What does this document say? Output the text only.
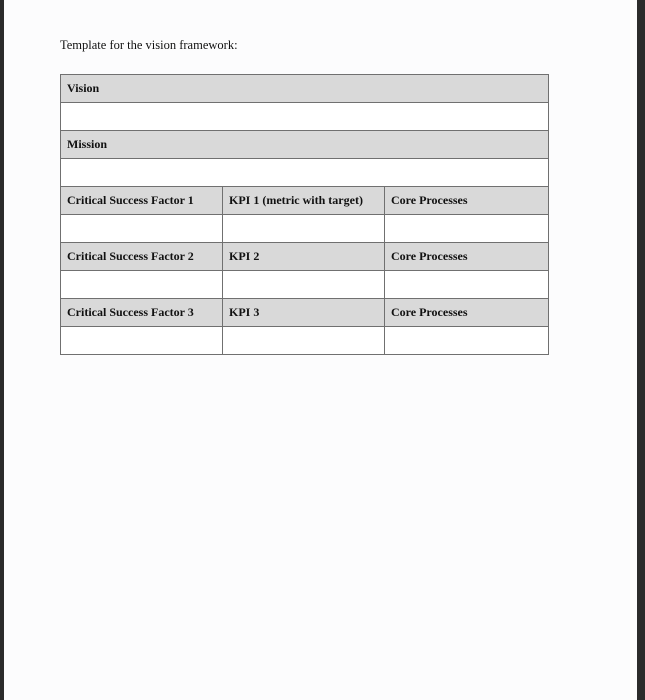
Template for the vision framework:
Vision		

Mission		

Critical Success Factor 1	KPI 1 (metric with target)	Core Processes

Critical Success Factor 2	KPI 2	Core Processes

Critical Success Factor 3	KPI 3	Core Processes
